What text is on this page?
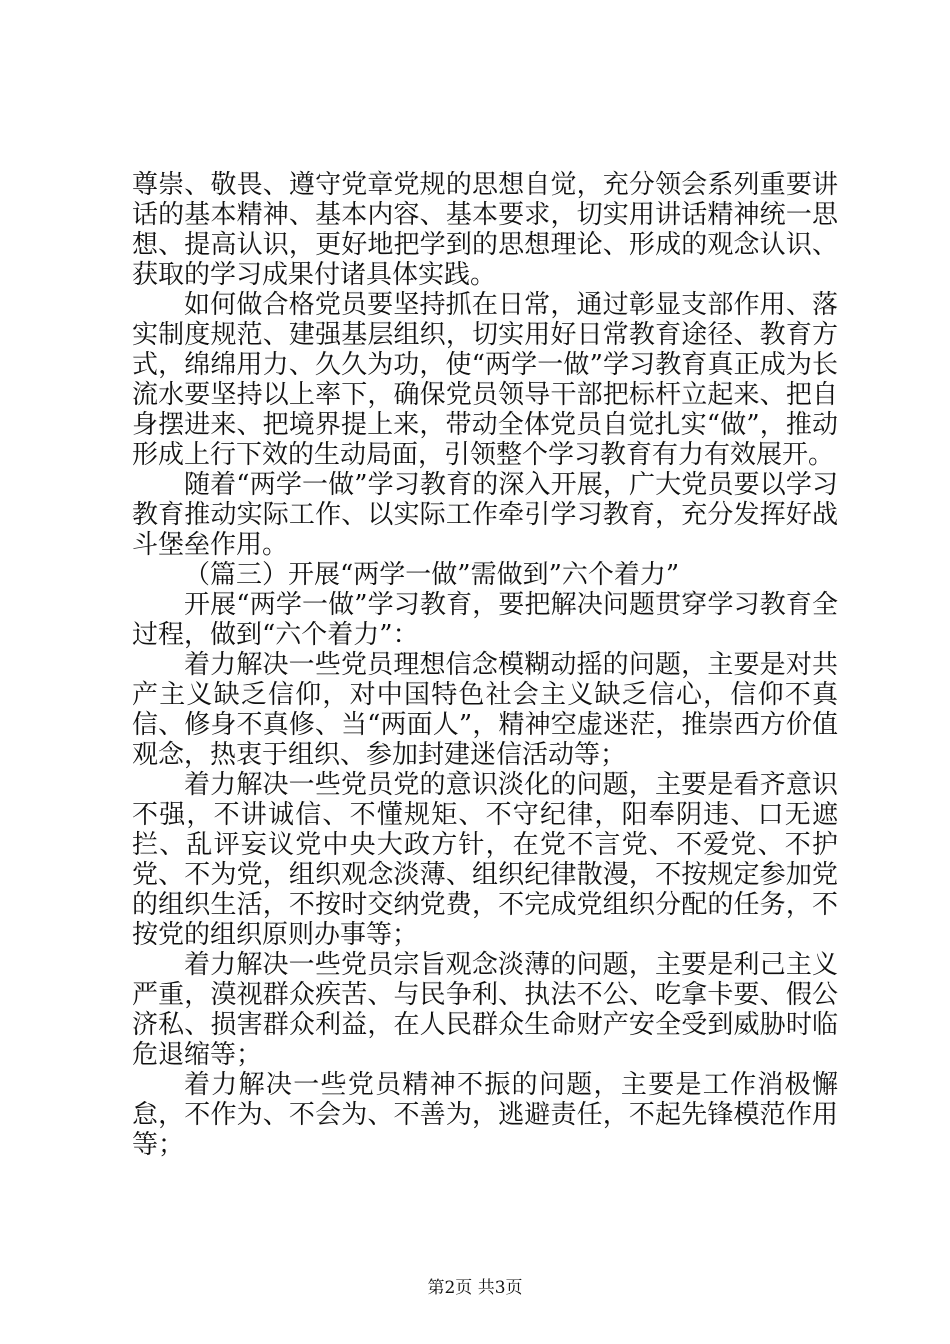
尊崇、敬畏、遵守党章党规的思想自觉，充分领会系列重要讲话的基本精神、基本内容、基本要求，切实用讲话精神统一思想、提高认识，更好地把学到的思想理论、形成的观念认识、获取的学习成果付诸具体实践。

如何做合格党员要坚持抓在日常，通过彰显支部作用、落实制度规范、建强基层组织，切实用好日常教育途径、教育方式，绵绵用力、久久为功，使“两学一做”学习教育真正成为长流水要坚持以上率下，确保党员领导干部把标杆立起来、把自身摆进来、把境界提上来，带动全体党员自觉扎实“做”，推动形成上行下效的生动局面，引领整个学习教育有力有效展开。

随着“两学一做”学习教育的深入开展，广大党员要以学习教育推动实际工作、以实际工作牵引学习教育，充分发挥好战斗堡垒作用。

（篇三）开展“两学一做”需做到”六个着力”

开展“两学一做”学习教育，要把解决问题贯穿学习教育全过程，做到“六个着力”：

着力解决一些党员理想信念模糊动摇的问题，主要是对共产主义缺乏信仰，对中国特色社会主义缺乏信心，信仰不真信、修身不真修、当“两面人”，精神空虚迷茫，推崇西方价值观念，热衷于组织、参加封建迷信活动等；

着力解决一些党员党的意识淡化的问题，主要是看齐意识不强，不讲诚信、不懂规矩、不守纪律，阳奉阴违、口无遮拦、乱评妄议党中央大政方针，在党不言党、不爱党、不护党、不为党，组织观念淡薄、组织纪律散漫，不按规定参加党的组织生活，不按时交纳党费，不完成党组织分配的任务，不按党的组织原则办事等；

着力解决一些党员宗旨观念淡薄的问题，主要是利己主义严重，漠视群众疾苦、与民争利、执法不公、吃拿卡要、假公济私、损害群众利益，在人民群众生命财产安全受到威胁时临危退缩等；

着力解决一些党员精神不振的问题，主要是工作消极懈怠，不作为、不会为、不善为，逃避责任，不起先锋模范作用等；

第2页 共3页
